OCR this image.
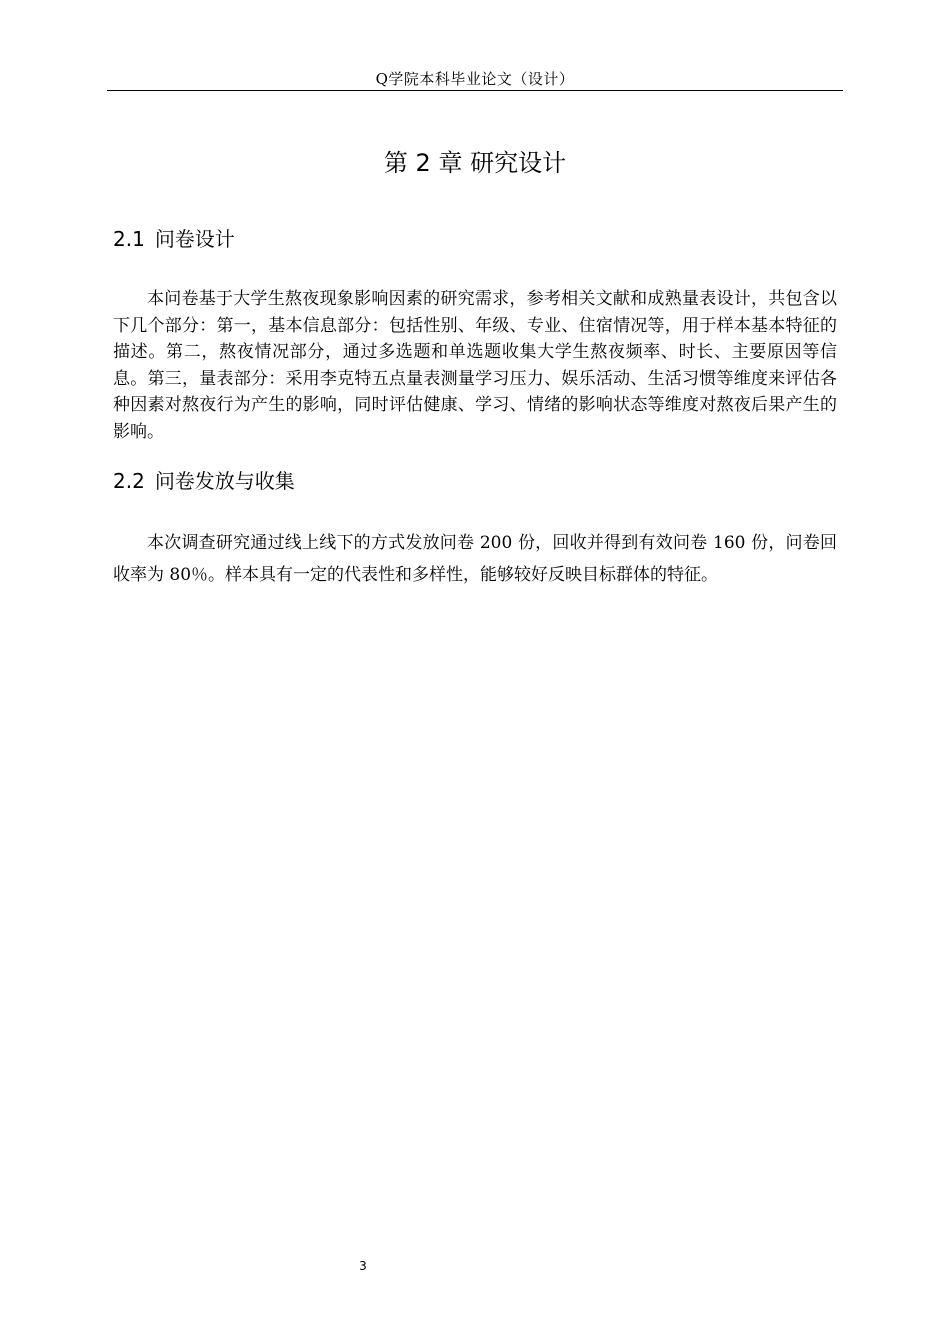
Q学院本科毕业论文（设计）
第 2 章 研究设计
2.1 问卷设计

本问卷基于大学生熬夜现象影响因素的研究需求，参考相关文献和成熟量表设计，共包含以下几个部分：第一，基本信息部分：包括性别、年级、专业、住宿情况等，用于样本基本特征的描述。第二，熬夜情况部分，通过多选题和单选题收集大学生熬夜频率、时长、主要原因等信息。第三，量表部分：采用李克特五点量表测量学习压力、娱乐活动、生活习惯等维度来评估各种因素对熬夜行为产生的影响，同时评估健康、学习、情绪的影响状态等维度对熬夜后果产生的影响。

2.2 问卷发放与收集

本次调查研究通过线上线下的方式发放问卷 200 份，回收并得到有效问卷 160 份，问卷回收率为 80％。样本具有一定的代表性和多样性，能够较好反映目标群体的特征。

3
